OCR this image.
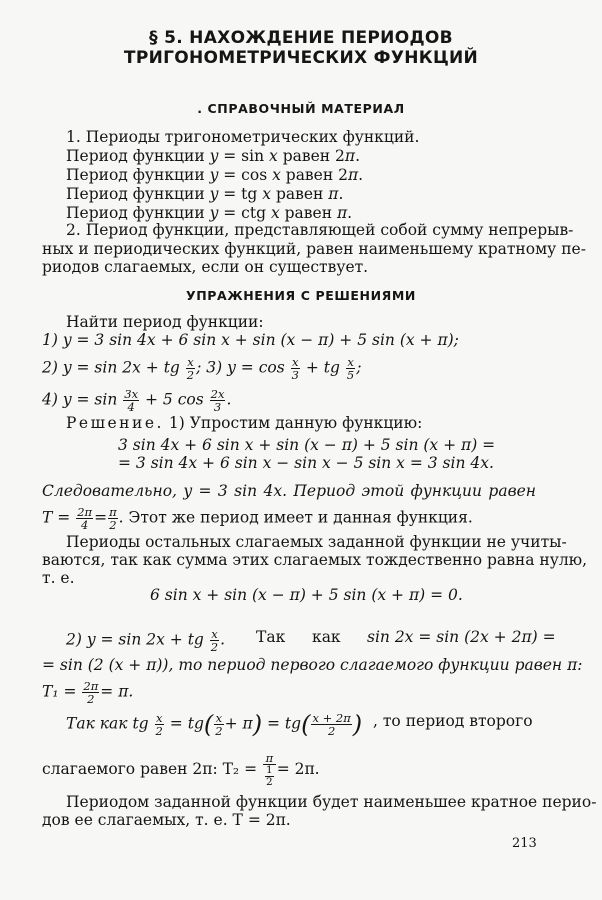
§ 5. НАХОЖДЕНИЕ ПЕРИОДОВ
ТРИГОНОМЕТРИЧЕСКИХ ФУНКЦИЙ
. СПРАВОЧНЫЙ МАТЕРИАЛ
1. Периоды тригонометрических функций.
Период функции y = sin x равен 2π.
Период функции y = cos x равен 2π.
Период функции y = tg x равен π.
Период функции y = ctg x равен π.
2. Период функции, представляющей собой сумму непрерыв-
ных и периодических функций, равен наименьшему кратному пе-
риодов слагаемых, если он существует.
УПРАЖНЕНИЯ С РЕШЕНИЯМИ
Найти период функции:
1) y = 3 sin 4x + 6 sin x + sin (x − π) + 5 sin (x + π);
2) y = sin 2x + tg $\frac{x}{2}$ ; 3) $y = \cos \frac{x}{3}$ + tg $\frac{x}{5}$ ;
4) $y = \sin \frac{3x}{4} + 5$ $\cos \frac{2x}{3}$ .
Решение. 1) Упростим данную функцию:
3 sin 4x + 6 sin x + sin (x − π) + 5 sin (x + π) =
= 3 sin 4x + 6 sin x − sin x − 5 sin x = 3 sin 4x.
Следовательно, y = 3 sin 4x. Период этой функции равен
$T = \frac{2\pi}{4} = \frac{\pi}{2}$ . Этот же период имеет и данная функция.
Периоды остальных слагаемых заданной функции не учиты-
ваются, так как сумма этих слагаемых тождественно равна нулю,
т. е.
6 sin x + sin (x − π) + 5 sin (x + π) = 0.
2) y = sin 2x + tg $\frac{x}{2}$ . Так как sin 2x = sin (2x + 2π) =
= sin (2 (x + π)), то период первого слагаемого функции равен π:
$T_1 = \frac{2\pi}{2} = \pi$.
Так как tg $\frac{x}{2} = tg( \frac{x}{2} + \pi) = tg( \frac{x + 2\pi}{2}$ ) , то период второго
слагаемого равен 2π: $T_2 = \frac{\pi}{\frac{1}{2}} = 2\pi$.
Периодом заданной функции будет наименьшее кратное перио-
дов ее слагаемых, т. е. T = 2π.
213
